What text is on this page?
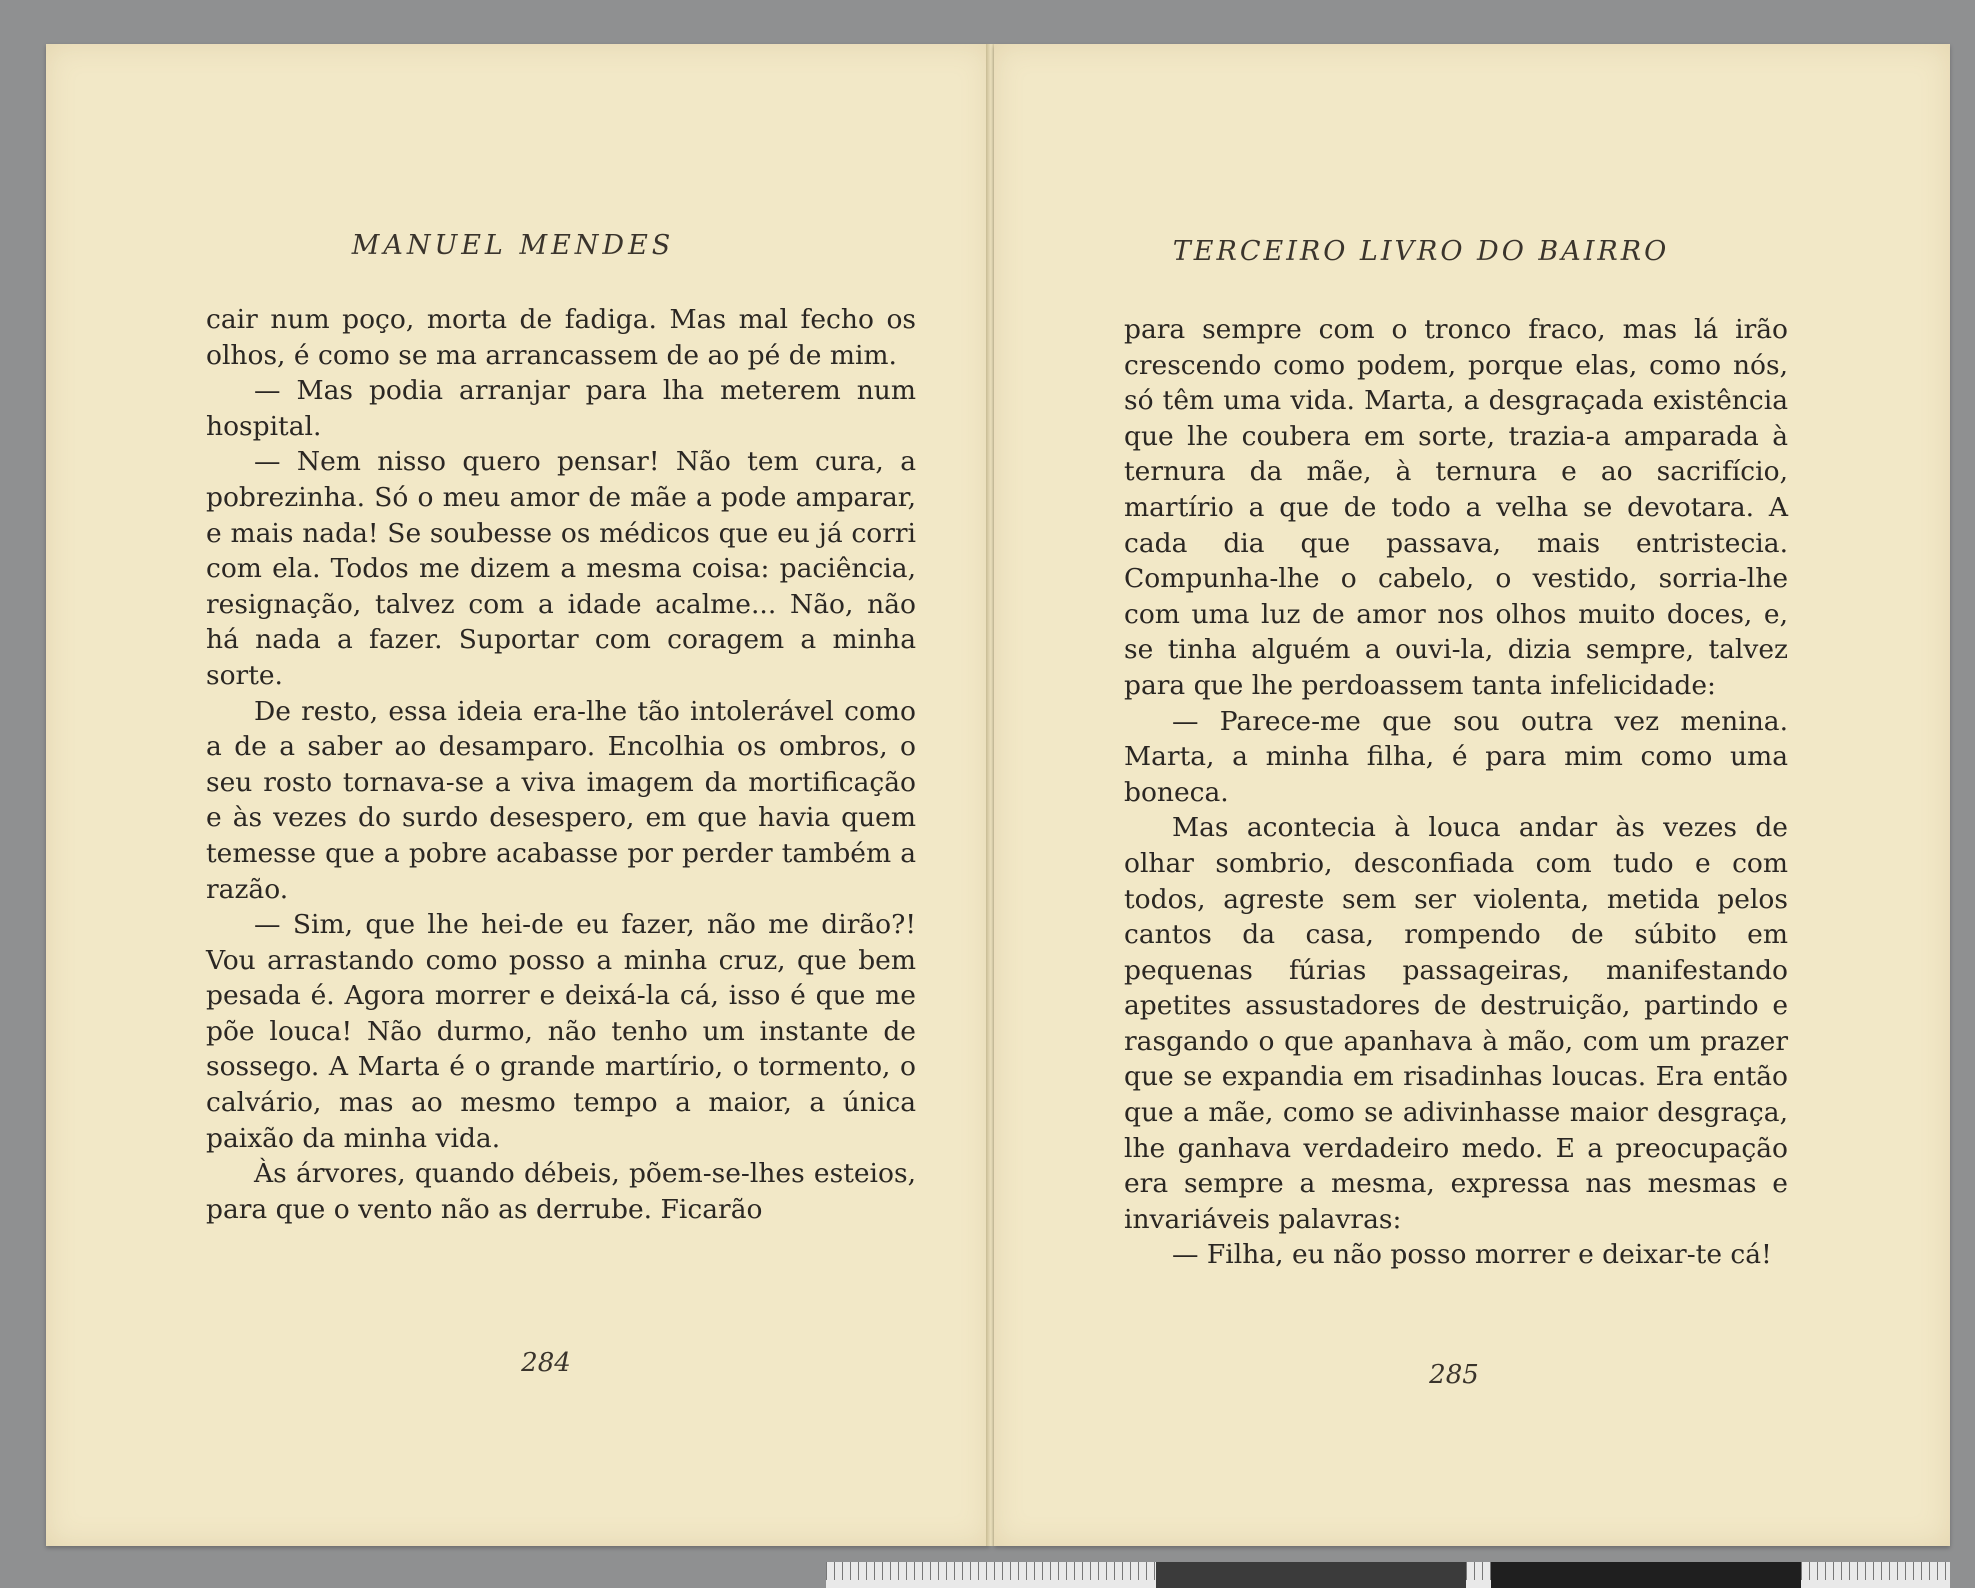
MANUEL MENDES

cair num poço, morta de fadiga. Mas mal fecho os olhos, é como se ma arrancassem de ao pé de mim.

— Mas podia arranjar para lha meterem num hospital.

— Nem nisso quero pensar! Não tem cura, a pobrezinha. Só o meu amor de mãe a pode amparar, e mais nada! Se soubesse os médicos que eu já corri com ela. Todos me dizem a mesma coisa: paciência, resignação, talvez com a idade acalme... Não, não há nada a fazer. Suportar com coragem a minha sorte.

De resto, essa ideia era-lhe tão intolerável como a de a saber ao desamparo. Encolhia os ombros, o seu rosto tornava-se a viva imagem da mortificação e às vezes do surdo desespero, em que havia quem temesse que a pobre acabasse por perder também a razão.

— Sim, que lhe hei-de eu fazer, não me dirão?! Vou arrastando como posso a minha cruz, que bem pesada é. Agora morrer e deixá-la cá, isso é que me põe louca! Não durmo, não tenho um instante de sossego. A Marta é o grande martírio, o tormento, o calvário, mas ao mesmo tempo a maior, a única paixão da minha vida.

Às árvores, quando débeis, põem-se-lhes esteios, para que o vento não as derrube. Ficarão

284
TERCEIRO LIVRO DO BAIRRO

para sempre com o tronco fraco, mas lá irão crescendo como podem, porque elas, como nós, só têm uma vida. Marta, a desgraçada existência que lhe coubera em sorte, trazia-a amparada à ternura da mãe, à ternura e ao sacrifício, martírio a que de todo a velha se devotara. A cada dia que passava, mais entristecia. Compunha-lhe o cabelo, o vestido, sorria-lhe com uma luz de amor nos olhos muito doces, e, se tinha alguém a ouvi-la, dizia sempre, talvez para que lhe perdoassem tanta infelicidade:

— Parece-me que sou outra vez menina. Marta, a minha filha, é para mim como uma boneca.

Mas acontecia à louca andar às vezes de olhar sombrio, desconfiada com tudo e com todos, agreste sem ser violenta, metida pelos cantos da casa, rompendo de súbito em pequenas fúrias passageiras, manifestando apetites assustadores de destruição, partindo e rasgando o que apanhava à mão, com um prazer que se expandia em risadinhas loucas. Era então que a mãe, como se adivinhasse maior desgraça, lhe ganhava verdadeiro medo. E a preocupação era sempre a mesma, expressa nas mesmas e invariáveis palavras:

— Filha, eu não posso morrer e deixar-te cá!

285
